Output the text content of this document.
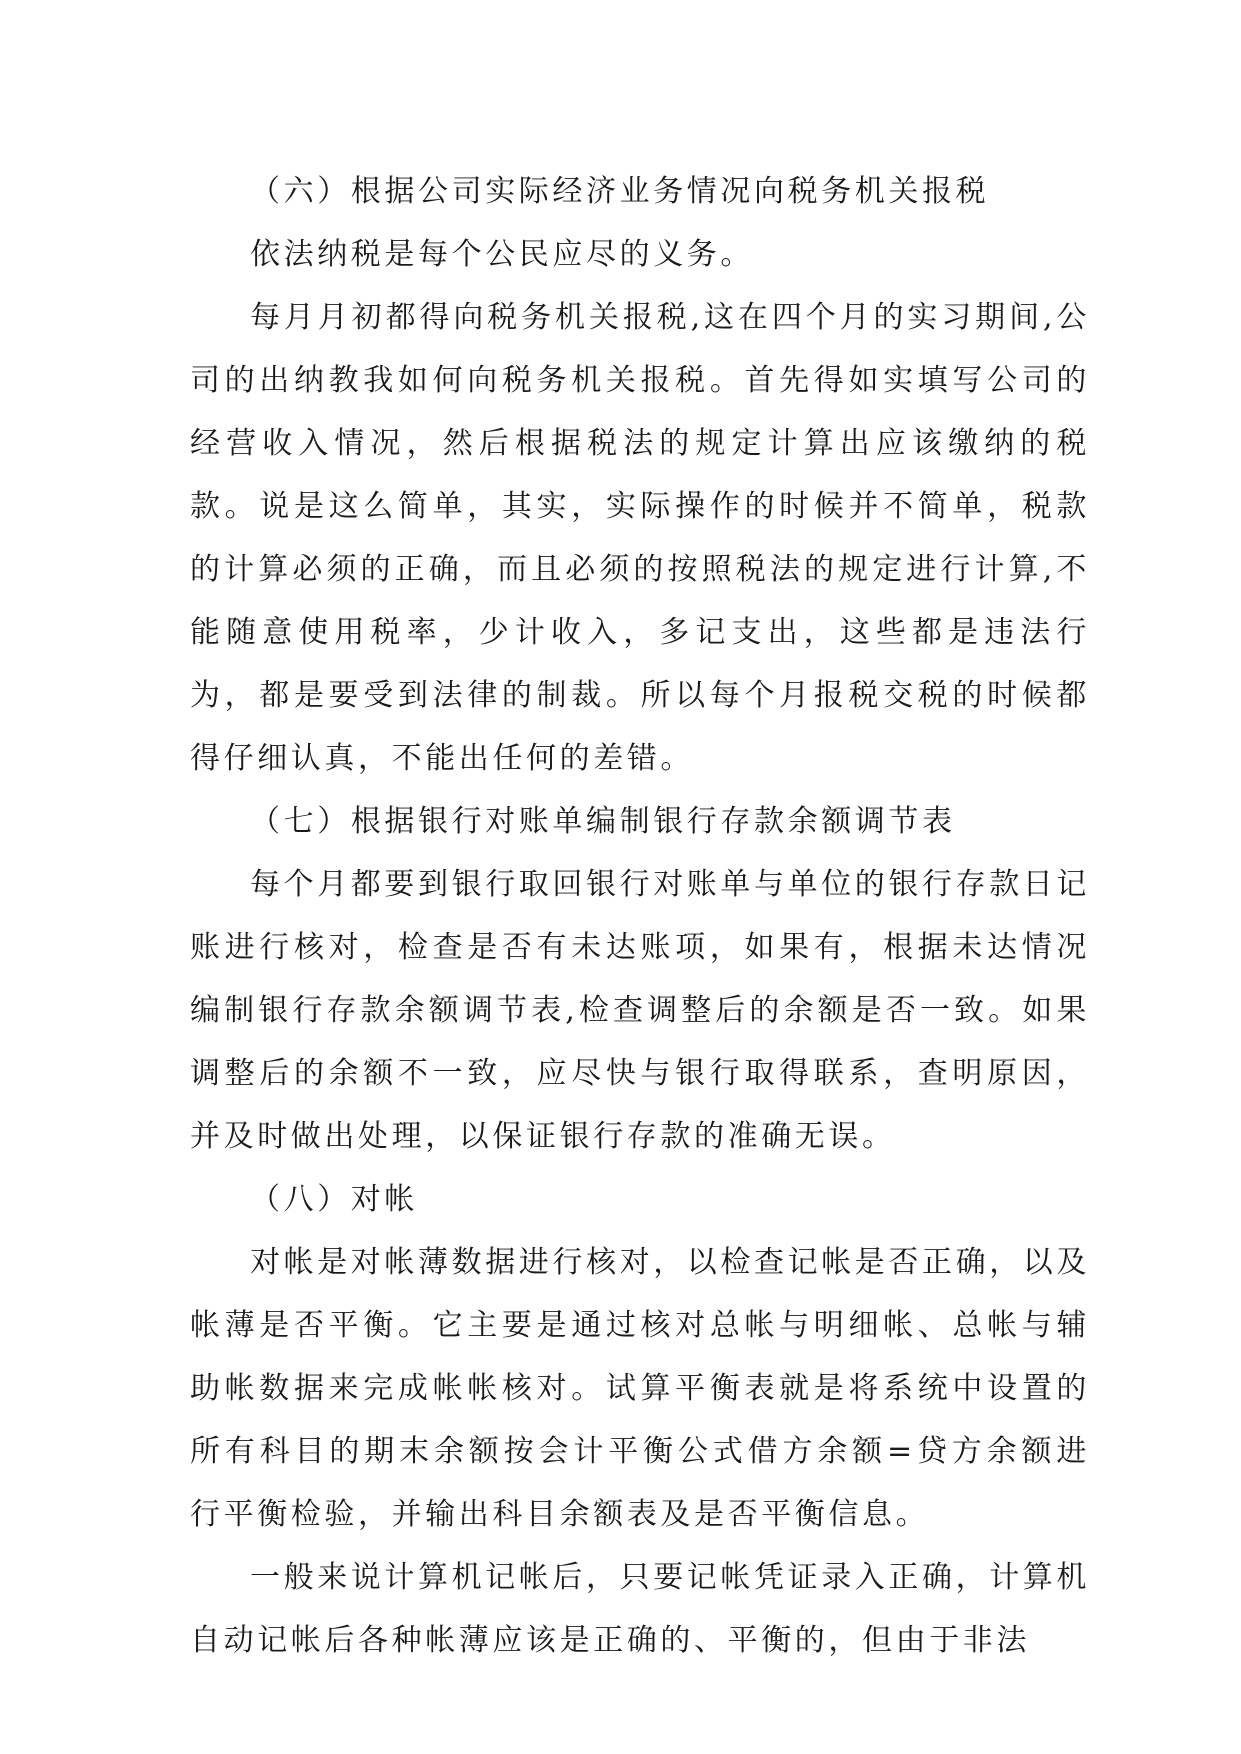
（六）根据公司实际经济业务情况向税务机关报税

依法纳税是每个公民应尽的义务。

每月月初都得向税务机关报税,这在四个月的实习期间,公司的出纳教我如何向税务机关报税。首先得如实填写公司的经营收入情况，然后根据税法的规定计算出应该缴纳的税款。说是这么简单，其实，实际操作的时候并不简单，税款的计算必须的正确，而且必须的按照税法的规定进行计算,不能随意使用税率，少计收入，多记支出，这些都是违法行为，都是要受到法律的制裁。所以每个月报税交税的时候都得仔细认真，不能出任何的差错。

（七）根据银行对账单编制银行存款余额调节表

每个月都要到银行取回银行对账单与单位的银行存款日记账进行核对，检查是否有未达账项，如果有，根据未达情况编制银行存款余额调节表,检查调整后的余额是否一致。如果调整后的余额不一致，应尽快与银行取得联系，查明原因，并及时做出处理，以保证银行存款的准确无误。

（八）对帐

对帐是对帐薄数据进行核对，以检查记帐是否正确，以及帐薄是否平衡。它主要是通过核对总帐与明细帐、总帐与辅助帐数据来完成帐帐核对。试算平衡表就是将系统中设置的所有科目的期末余额按会计平衡公式借方余额=贷方余额进行平衡检验，并输出科目余额表及是否平衡信息。

一般来说计算机记帐后，只要记帐凭证录入正确，计算机自动记帐后各种帐薄应该是正确的、平衡的，但由于非法
